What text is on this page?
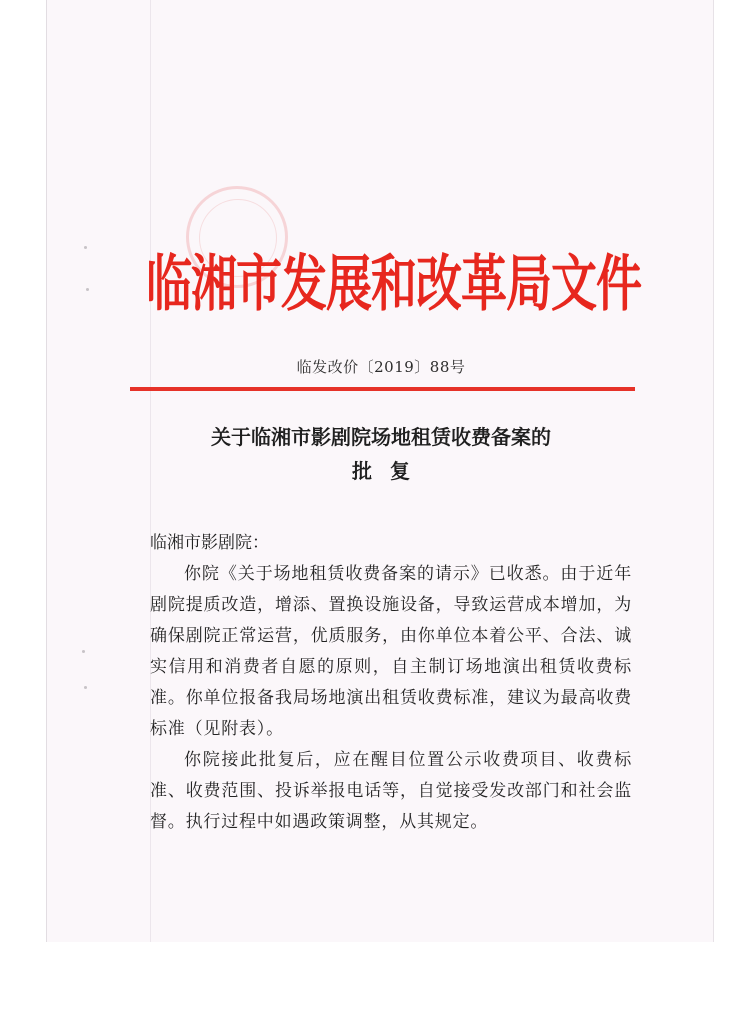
临湘市发展和改革局文件
临发改价〔2019〕88号
关于临湘市影剧院场地租赁收费备案的
批复

临湘市影剧院：

你院《关于场地租赁收费备案的请示》已收悉。由于近年剧院提质改造，增添、置换设施设备，导致运营成本增加，为确保剧院正常运营，优质服务，由你单位本着公平、合法、诚实信用和消费者自愿的原则，自主制订场地演出租赁收费标准。你单位报备我局场地演出租赁收费标准，建议为最高收费标准（见附表）。

你院接此批复后，应在醒目位置公示收费项目、收费标准、收费范围、投诉举报电话等，自觉接受发改部门和社会监督。执行过程中如遇政策调整，从其规定。
